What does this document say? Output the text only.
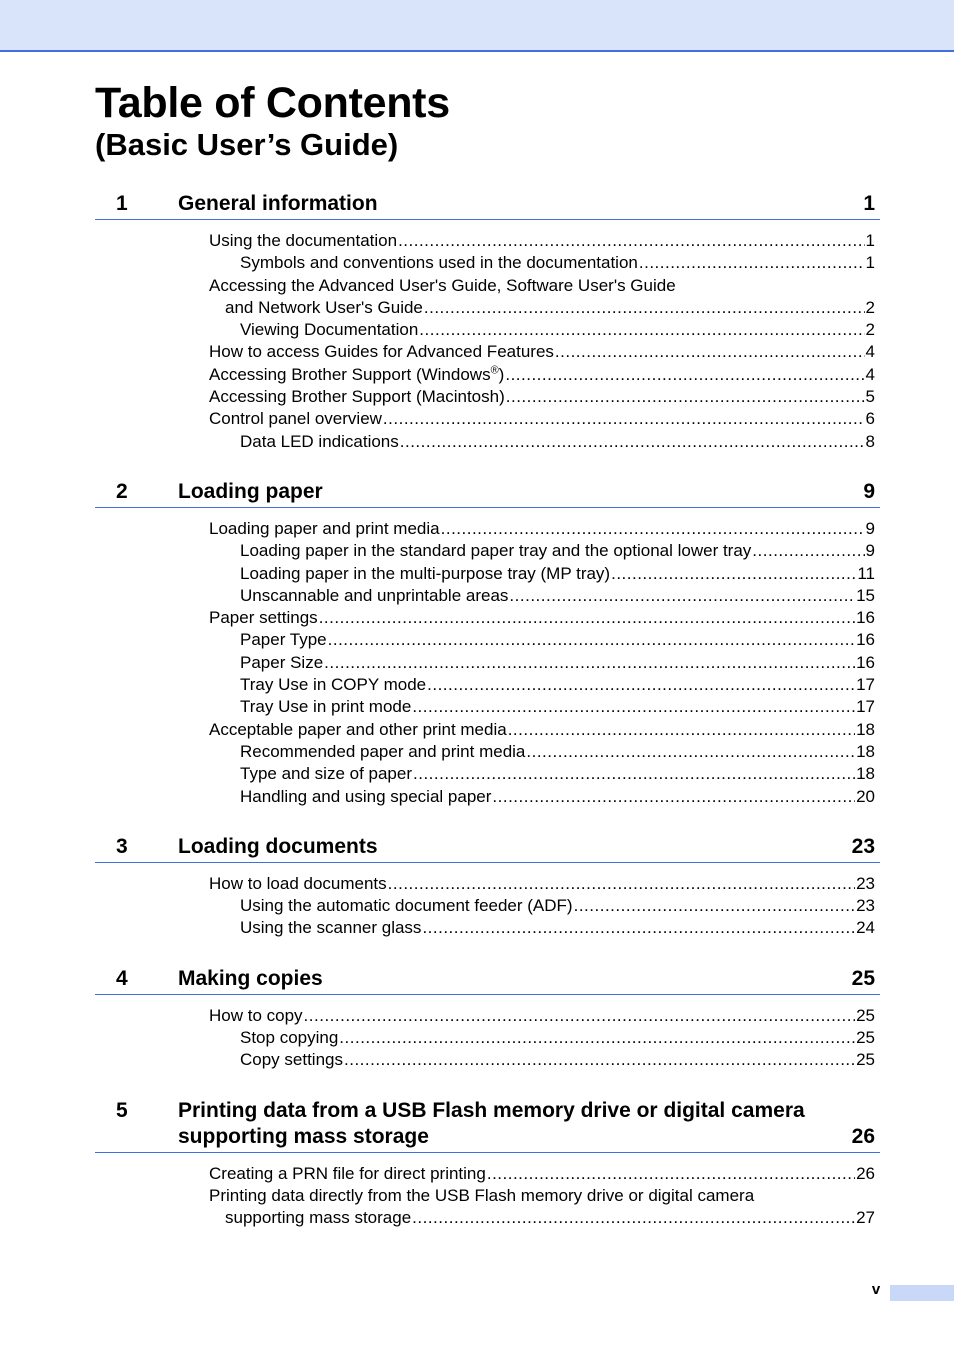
Table of Contents
(Basic User’s Guide)
1	General information	1
Using the documentation .....	1
Symbols and conventions used in the documentation .....	1
Accessing the Advanced User's Guide, Software User's Guide
and Network User's Guide .....	2
Viewing Documentation .....	2
How to access Guides for Advanced Features .....	4
Accessing Brother Support (Windows®) .....	4
Accessing Brother Support (Macintosh) .....	5
Control panel overview .....	6
Data LED indications .....	8
2	Loading paper	9
Loading paper and print media .....	9
Loading paper in the standard paper tray and the optional lower tray .....	9
Loading paper in the multi-purpose tray (MP tray) .....	11
Unscannable and unprintable areas .....	15
Paper settings .....	16
Paper Type .....	16
Paper Size .....	16
Tray Use in COPY mode .....	17
Tray Use in print mode .....	17
Acceptable paper and other print media .....	18
Recommended paper and print media .....	18
Type and size of paper .....	18
Handling and using special paper .....	20
3	Loading documents	23
How to load documents .....	23
Using the automatic document feeder (ADF) .....	23
Using the scanner glass .....	24
4	Making copies	25
How to copy .....	25
Stop copying .....	25
Copy settings .....	25
5	Printing data from a USB Flash memory drive or digital camera
supporting mass storage	26
Creating a PRN file for direct printing .....	26
Printing data directly from the USB Flash memory drive or digital camera
supporting mass storage .....	27
v
